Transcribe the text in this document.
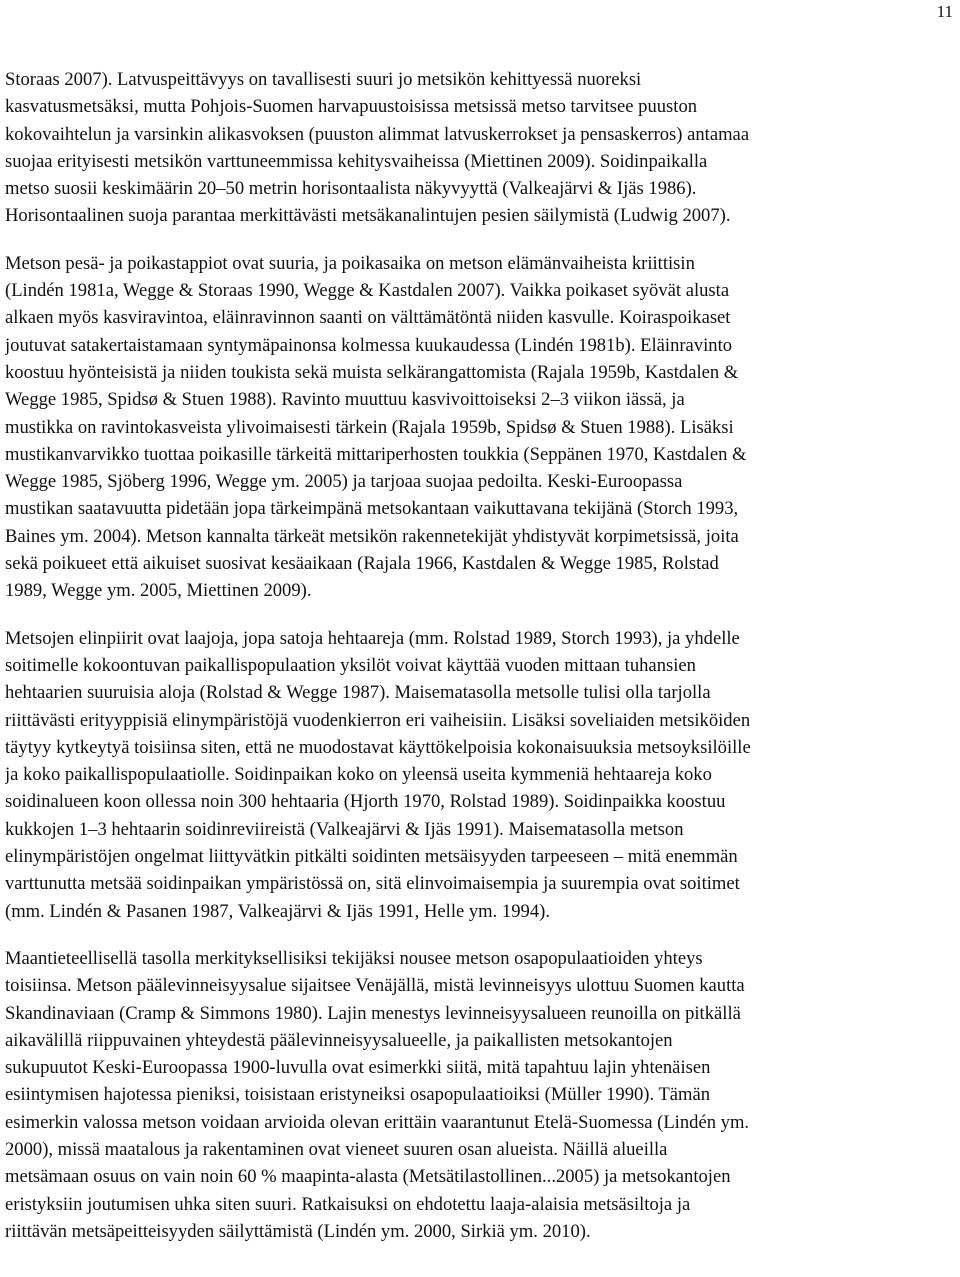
11
Storaas 2007). Latvuspeittävyys on tavallisesti suuri jo metsikön kehittyessä nuoreksi
kasvatusmetsäksi, mutta Pohjois-Suomen harvapuustoisissa metsissä metso tarvitsee puuston
kokovaihtelun ja varsinkin alikasvoksen (puuston alimmat latvuskerrokset ja pensaskerros) antamaa
suojaa erityisesti metsikön varttuneemmissa kehitysvaiheissa (Miettinen 2009). Soidinpaikalla
metso suosii keskimäärin 20–50 metrin horisontaalista näkyvyyttä (Valkeajärvi & Ijäs 1986).
Horisontaalinen suoja parantaa merkittävästi metsäkanalintujen pesien säilymistä (Ludwig 2007).
Metson pesä- ja poikastappiot ovat suuria, ja poikasaika on metson elämänvaiheista kriittisin
(Lindén 1981a, Wegge & Storaas 1990, Wegge & Kastdalen 2007). Vaikka poikaset syövät alusta
alkaen myös kasviravintoa, eläinravinnon saanti on välttämätöntä niiden kasvulle. Koiraspoikaset
joutuvat satakertaistamaan syntymäpainonsa kolmessa kuukaudessa (Lindén 1981b). Eläinravinto
koostuu hyönteisistä ja niiden toukista sekä muista selkärangattomista (Rajala 1959b, Kastdalen &
Wegge 1985, Spidsø & Stuen 1988). Ravinto muuttuu kasvivoittoiseksi 2–3 viikon iässä, ja
mustikka on ravintokasveista ylivoimaisesti tärkein (Rajala 1959b, Spidsø & Stuen 1988). Lisäksi
mustikanvarvikko tuottaa poikasille tärkeitä mittariperhosten toukkia (Seppänen 1970, Kastdalen &
Wegge 1985, Sjöberg 1996, Wegge ym. 2005) ja tarjoaa suojaa pedoilta. Keski-Euroopassa
mustikan saatavuutta pidetään jopa tärkeimpänä metsokantaan vaikuttavana tekijänä (Storch 1993,
Baines ym. 2004). Metson kannalta tärkeät metsikön rakennetekijät yhdistyvät korpimetsissä, joita
sekä poikueet että aikuiset suosivat kesäaikaan (Rajala 1966, Kastdalen & Wegge 1985, Rolstad
1989, Wegge ym. 2005, Miettinen 2009).
Metsojen elinpiirit ovat laajoja, jopa satoja hehtaareja (mm. Rolstad 1989, Storch 1993), ja yhdelle
soitimelle kokoontuvan paikallispopulaation yksilöt voivat käyttää vuoden mittaan tuhansien
hehtaarien suuruisia aloja (Rolstad & Wegge 1987). Maisematasolla metsolle tulisi olla tarjolla
riittävästi erityyppisiä elinympäristöjä vuodenkierron eri vaiheisiin. Lisäksi soveliaiden metsiköiden
täytyy kytkeytyä toisiinsa siten, että ne muodostavat käyttökelpoisia kokonaisuuksia metsoyksilöille
ja koko paikallispopulaatiolle. Soidinpaikan koko on yleensä useita kymmeniä hehtaareja koko
soidinalueen koon ollessa noin 300 hehtaaria (Hjorth 1970, Rolstad 1989). Soidinpaikka koostuu
kukkojen 1–3 hehtaarin soidinreviireistä (Valkeajärvi & Ijäs 1991). Maisematasolla metson
elinympäristöjen ongelmat liittyvätkin pitkälti soidinten metsäisyyden tarpeeseen – mitä enemmän
varttunutta metsää soidinpaikan ympäristössä on, sitä elinvoimaisempia ja suurempia ovat soitimet
(mm. Lindén & Pasanen 1987, Valkeajärvi & Ijäs 1991, Helle ym. 1994).
Maantieteellisellä tasolla merkityksellisiksi tekijäksi nousee metson osapopulaatioiden yhteys
toisiinsa. Metson päälevinneisyysalue sijaitsee Venäjällä, mistä levinneisyys ulottuu Suomen kautta
Skandinaviaan (Cramp & Simmons 1980). Lajin menestys levinneisyysalueen reunoilla on pitkällä
aikavälillä riippuvainen yhteydestä päälevinneisyysalueelle, ja paikallisten metsokantojen
sukupuutot Keski-Euroopassa 1900-luvulla ovat esimerkki siitä, mitä tapahtuu lajin yhtenäisen
esiintymisen hajotessa pieniksi, toisistaan eristyneiksi osapopulaatioiksi (Müller 1990). Tämän
esimerkin valossa metson voidaan arvioida olevan erittäin vaarantunut Etelä-Suomessa (Lindén ym.
2000), missä maatalous ja rakentaminen ovat vieneet suuren osan alueista. Näillä alueilla
metsämaan osuus on vain noin 60 % maapinta-alasta (Metsätilastollinen...2005) ja metsokantojen
eristyksiin joutumisen uhka siten suuri. Ratkaisuksi on ehdotettu laaja-alaisia metsäsiltoja ja
riittävän metsäpeitteisyyden säilyttämistä (Lindén ym. 2000, Sirkiä ym. 2010).
